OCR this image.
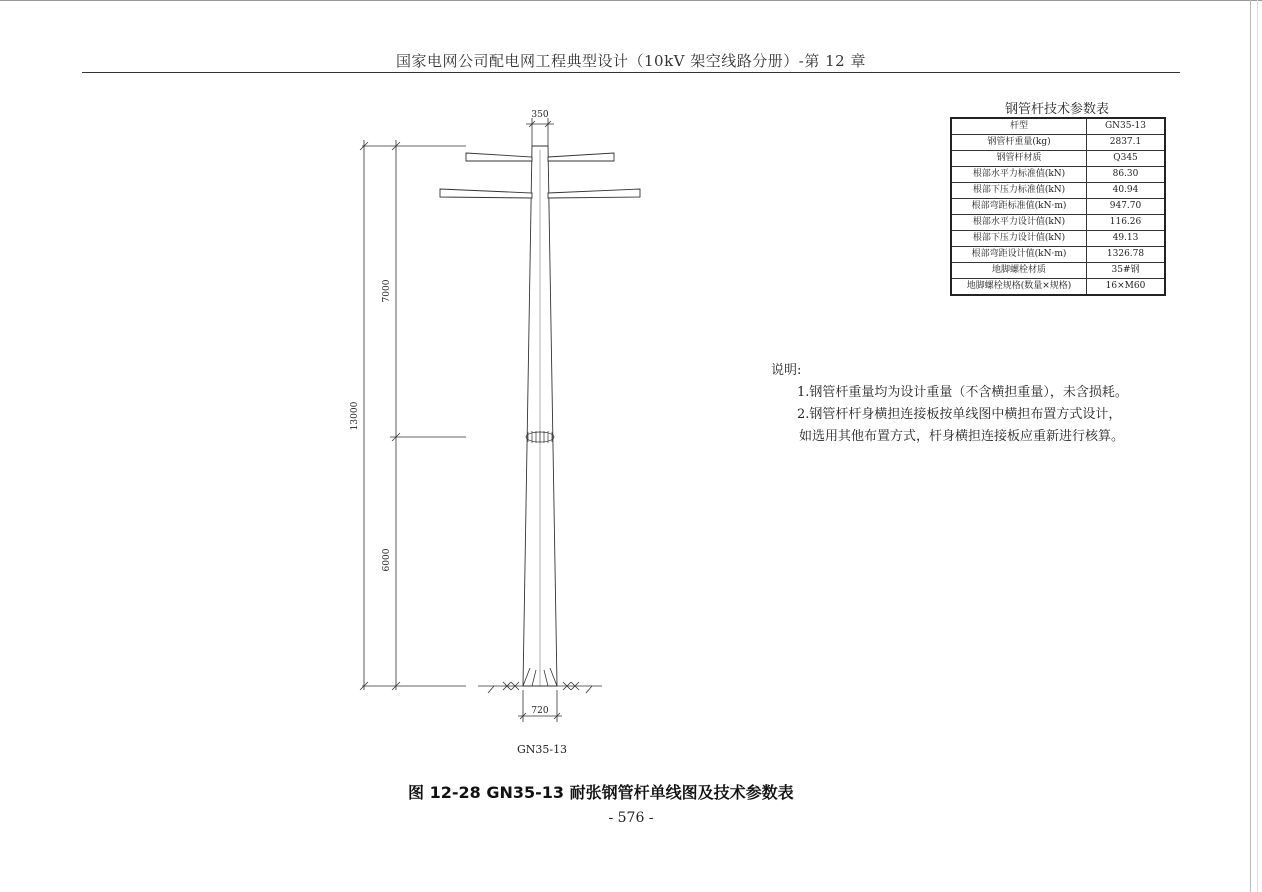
国家电网公司配电网工程典型设计（10kV 架空线路分册）-第 12 章
350
13000
7000
6000
720
GN35-13
钢管杆技术参数表
杆型	GN35-13
钢管杆重量(kg)	2837.1
钢管杆材质	Q345
根部水平力标准值(kN)	86.30
根部下压力标准值(kN)	40.94
根部弯距标准值(kN·m)	947.70
根部水平力设计值(kN)	116.26
根部下压力设计值(kN)	49.13
根部弯距设计值(kN·m)	1326.78
地脚螺栓材质	35#钢
地脚螺栓规格(数量×规格)	16×M60
说明:
1.钢管杆重量均为设计重量（不含横担重量），未含损耗。
2.钢管杆杆身横担连接板按单线图中横担布置方式设计，
如选用其他布置方式，杆身横担连接板应重新进行核算。
图 12-28 GN35-13 耐张钢管杆单线图及技术参数表
- 576 -
